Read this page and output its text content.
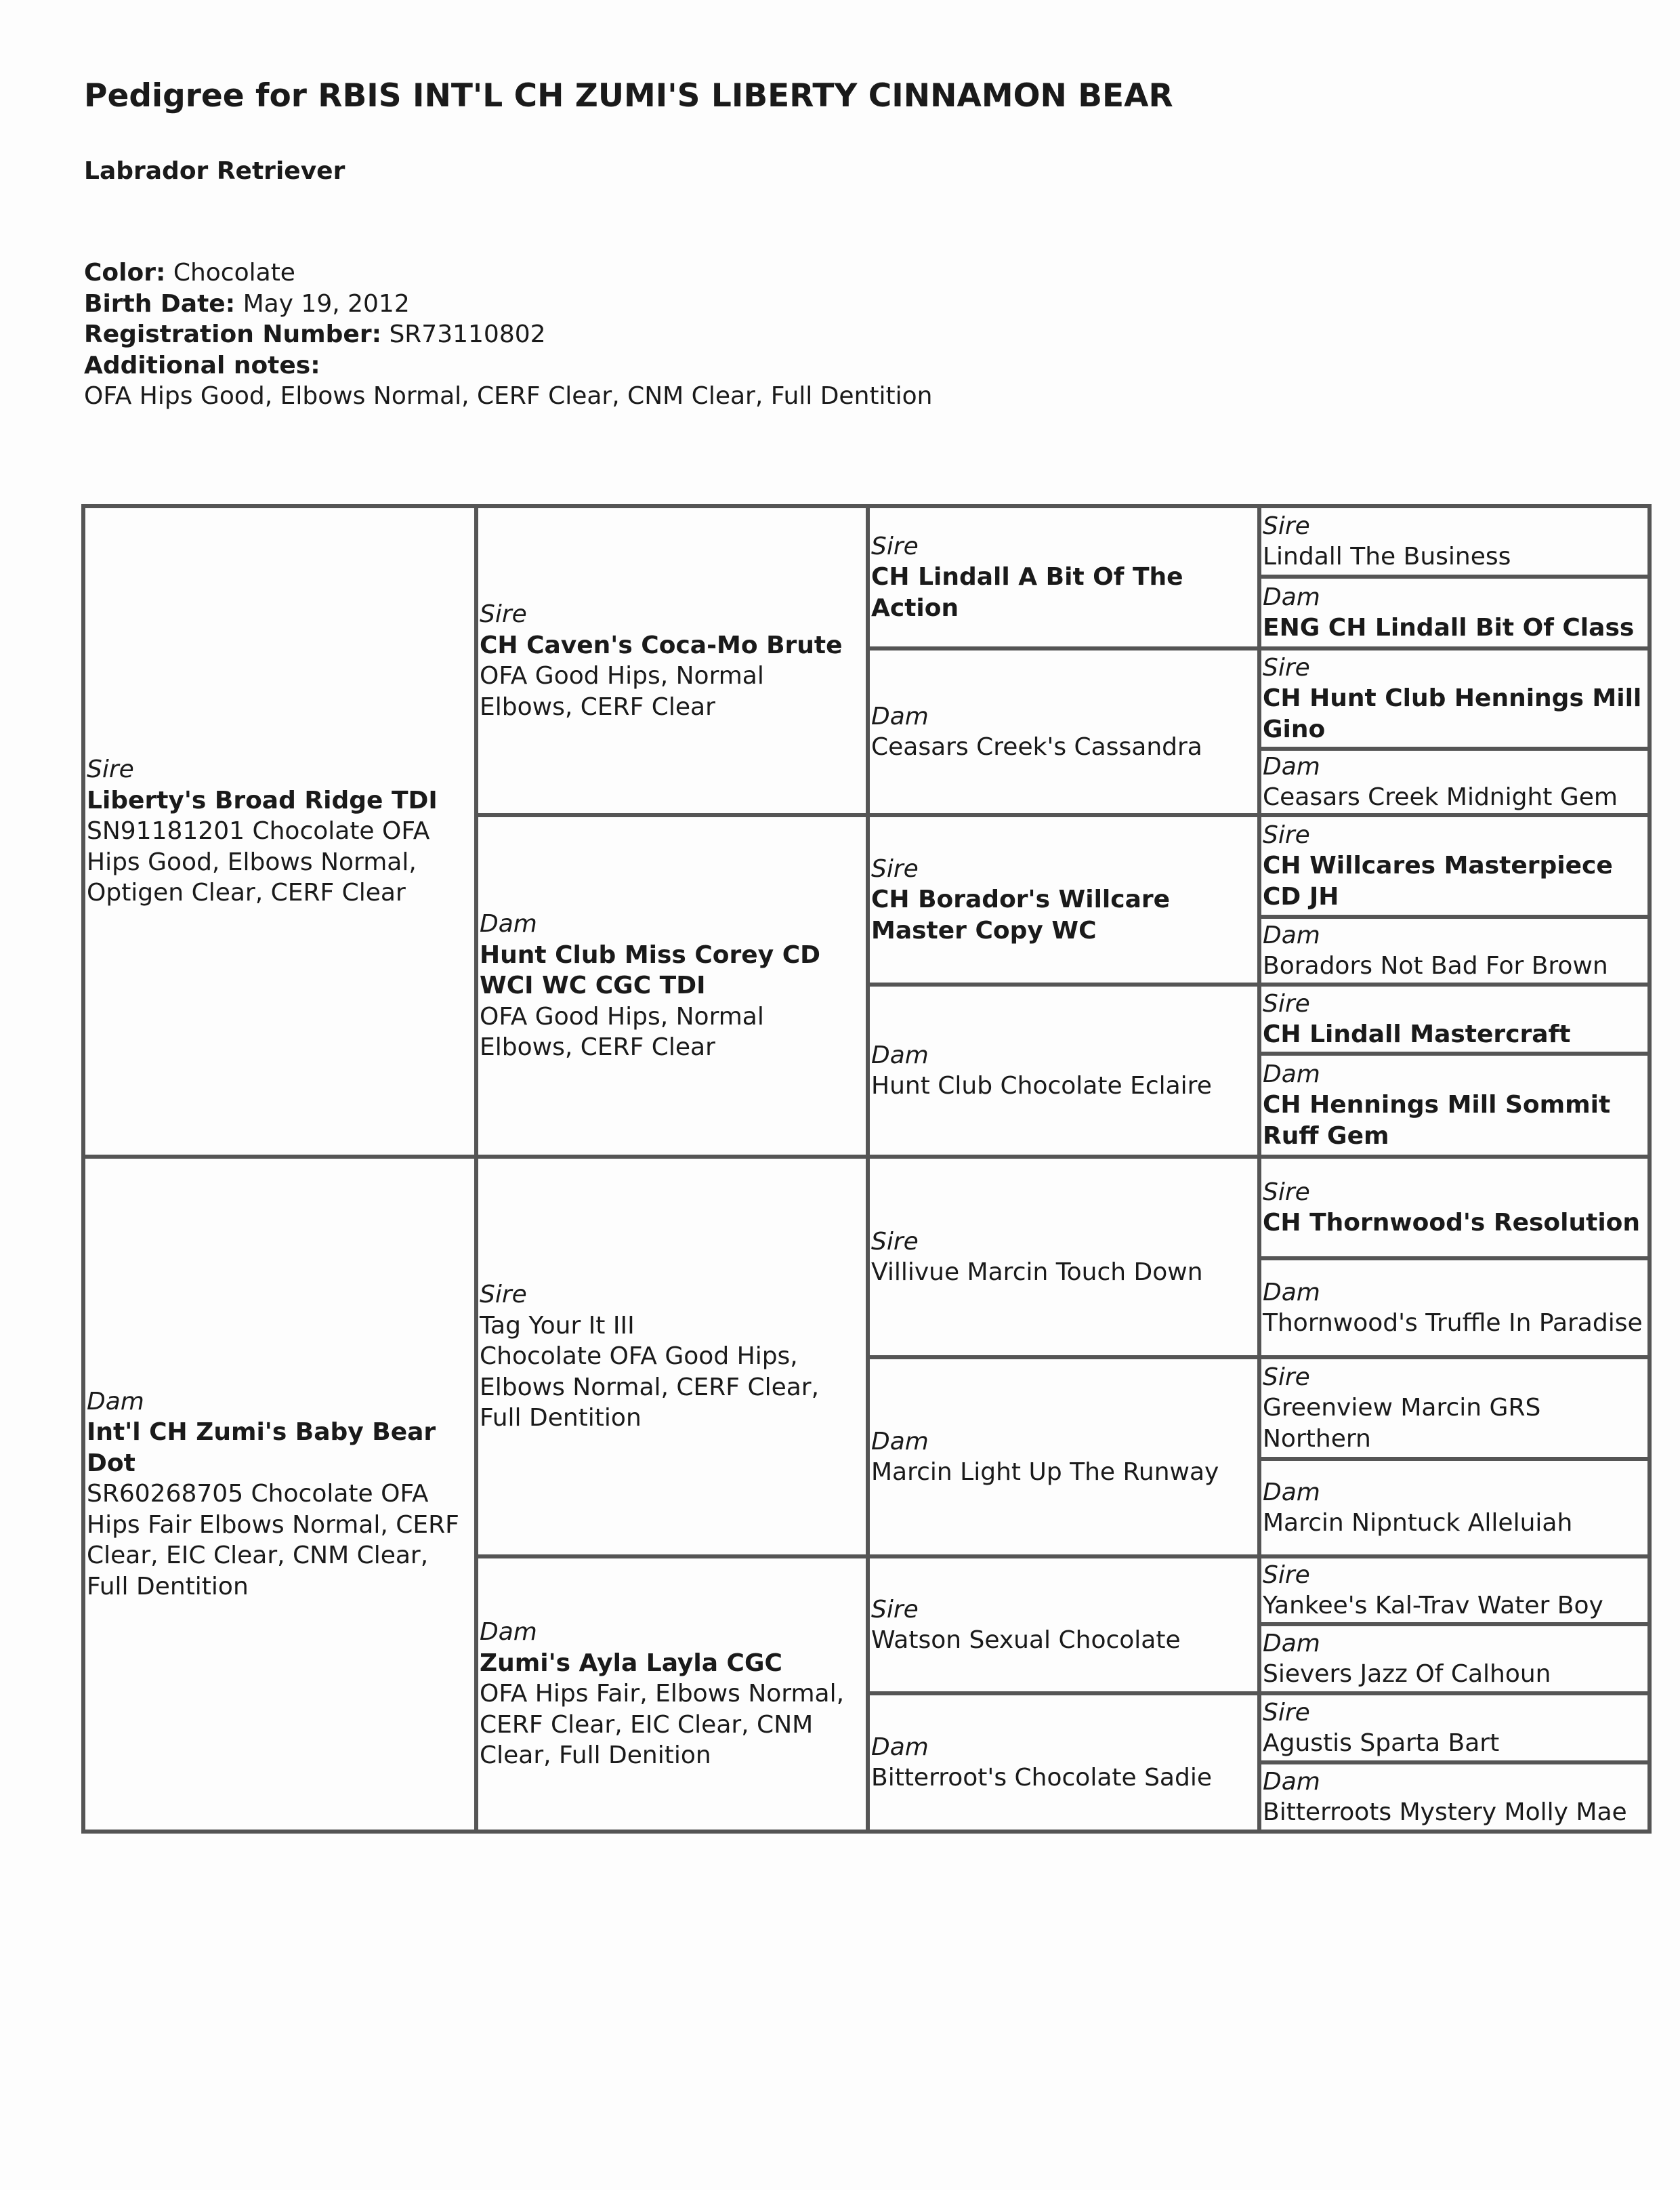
Pedigree for RBIS INT'L CH ZUMI'S LIBERTY CINNAMON BEAR
Labrador Retriever
Color: Chocolate
Birth Date: May 19, 2012
Registration Number: SR73110802
Additional notes:
OFA Hips Good, Elbows Normal, CERF Clear, CNM Clear, Full Dentition
Sire
Liberty's Broad Ridge TDI
SN91181201 Chocolate OFA Hips Good, Elbows Normal, Optigen Clear, CERF Clear
Dam
Int'l CH Zumi's Baby Bear Dot
SR60268705 Chocolate OFA Hips Fair Elbows Normal, CERF Clear, EIC Clear, CNM Clear, Full Dentition
Sire
CH Caven's Coca-Mo Brute
OFA Good Hips, Normal Elbows, CERF Clear
Dam
Hunt Club Miss Corey CD WCI WC CGC TDI
OFA Good Hips, Normal Elbows, CERF Clear
Sire
Tag Your It III
Chocolate OFA Good Hips, Elbows Normal, CERF Clear, Full Dentition
Dam
Zumi's Ayla Layla CGC
OFA Hips Fair, Elbows Normal, CERF Clear, EIC Clear, CNM Clear, Full Denition
Sire
CH Lindall A Bit Of The Action
Dam
Ceasars Creek's Cassandra
Sire
CH Borador's Willcare Master Copy WC
Dam
Hunt Club Chocolate Eclaire
Sire
Villivue Marcin Touch Down
Dam
Marcin Light Up The Runway
Sire
Watson Sexual Chocolate
Dam
Bitterroot's Chocolate Sadie
Sire
Lindall The Business
Dam
ENG CH Lindall Bit Of Class
Sire
CH Hunt Club Hennings Mill Gino
Dam
Ceasars Creek Midnight Gem
Sire
CH Willcares Masterpiece CD JH
Dam
Boradors Not Bad For Brown
Sire
CH Lindall Mastercraft
Dam
CH Hennings Mill Sommit Ruff Gem
Sire
CH Thornwood's Resolution
Dam
Thornwood's Truffle In Paradise
Sire
Greenview Marcin GRS Northern
Dam
Marcin Nipntuck Alleluiah
Sire
Yankee's Kal-Trav Water Boy
Dam
Sievers Jazz Of Calhoun
Sire
Agustis Sparta Bart
Dam
Bitterroots Mystery Molly Mae
